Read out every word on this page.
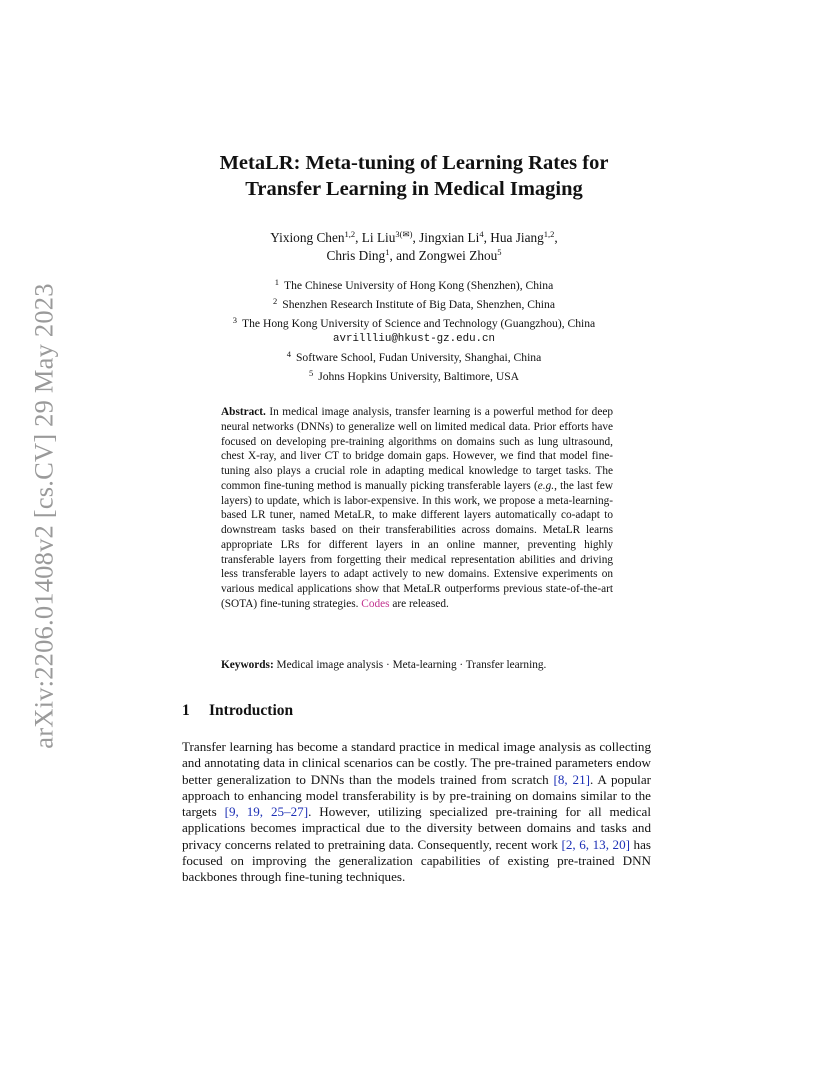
arXiv:2206.01408v2 [cs.CV] 29 May 2023
MetaLR: Meta-tuning of Learning Rates for
Transfer Learning in Medical Imaging
Yixiong Chen$^{1,2}$, Li Liu$^{3(✉)}$, Jingxian Li$^4$, Hua Jiang$^{1,2}$,
Chris Ding$^1$, and Zongwei Zhou$^5$
$^1$ The Chinese University of Hong Kong (Shenzhen), China
$^2$ Shenzhen Research Institute of Big Data, Shenzhen, China
$^3$ The Hong Kong University of Science and Technology (Guangzhou), China
avrillliu@hkust-gz.edu.cn
$^4$ Software School, Fudan University, Shanghai, China
$^5$ Johns Hopkins University, Baltimore, USA
Abstract. In medical image analysis, transfer learning is a powerful method for deep neural networks (DNNs) to generalize well on limited medical data. Prior efforts have focused on developing pre-training algorithms on domains such as lung ultrasound, chest X-ray, and liver CT to bridge domain gaps. However, we find that model fine-tuning also plays a crucial role in adapting medical knowledge to target tasks. The common fine-tuning method is manually picking transferable layers (e.g., the last few layers) to update, which is labor-expensive. In this work, we propose a meta-learning-based LR tuner, named MetaLR, to make different layers automatically co-adapt to downstream tasks based on their transferabilities across domains. MetaLR learns appropriate LRs for different layers in an online manner, preventing highly transferable layers from forgetting their medical representation abilities and driving less transferable layers to adapt actively to new domains. Extensive experiments on various medical applications show that MetaLR outperforms previous state-of-the-art (SOTA) fine-tuning strategies. Codes are released.
Keywords: Medical image analysis · Meta-learning · Transfer learning.
1 Introduction
Transfer learning has become a standard practice in medical image analysis as collecting and annotating data in clinical scenarios can be costly. The pre-trained parameters endow better generalization to DNNs than the models trained from scratch [8, 21]. A popular approach to enhancing model transferability is by pre-training on domains similar to the targets [9, 19, 25–27]. However, utilizing specialized pre-training for all medical applications becomes impractical due to the diversity between domains and tasks and privacy concerns related to pretraining data. Consequently, recent work [2, 6, 13, 20] has focused on improving the generalization capabilities of existing pre-trained DNN backbones through fine-tuning techniques.
